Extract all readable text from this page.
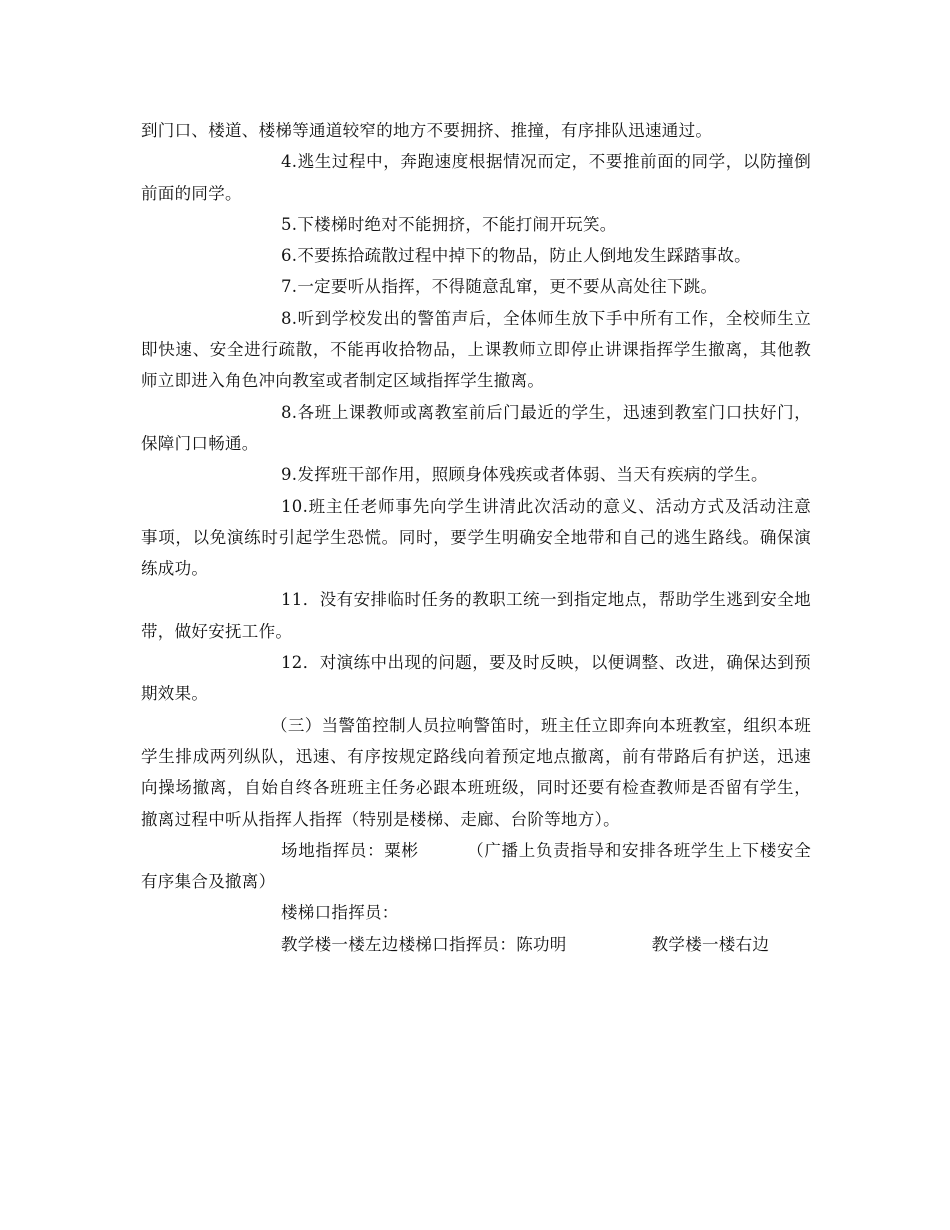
到门口、楼道、楼梯等通道较窄的地方不要拥挤、推撞，有序排队迅速通过。

4.逃生过程中，奔跑速度根据情况而定，不要推前面的同学，以防撞倒前面的同学。

5.下楼梯时绝对不能拥挤，不能打闹开玩笑。

6.不要拣拾疏散过程中掉下的物品，防止人倒地发生踩踏事故。

7.一定要听从指挥，不得随意乱窜，更不要从高处往下跳。

8.听到学校发出的警笛声后，全体师生放下手中所有工作，全校师生立即快速、安全进行疏散，不能再收拾物品，上课教师立即停止讲课指挥学生撤离，其他教师立即进入角色冲向教室或者制定区域指挥学生撤离。

8.各班上课教师或离教室前后门最近的学生，迅速到教室门口扶好门，保障门口畅通。

9.发挥班干部作用，照顾身体残疾或者体弱、当天有疾病的学生。

10.班主任老师事先向学生讲清此次活动的意义、活动方式及活动注意事项，以免演练时引起学生恐慌。同时，要学生明确安全地带和自己的逃生路线。确保演练成功。

11．没有安排临时任务的教职工统一到指定地点，帮助学生逃到安全地带，做好安抚工作。

12．对演练中出现的问题，要及时反映，以便调整、改进，确保达到预期效果。

（三）当警笛控制人员拉响警笛时，班主任立即奔向本班教室，组织本班学生排成两列纵队，迅速、有序按规定路线向着预定地点撤离，前有带路后有护送，迅速向操场撤离，自始自终各班班主任务必跟本班班级，同时还要有检查教师是否留有学生，撤离过程中听从指挥人指挥（特别是楼梯、走廊、台阶等地方）。

场地指挥员：粟彬	（广播上负责指导和安排各班学生上下楼安全有序集合及撤离）

楼梯口指挥员：

教学楼一楼左边楼梯口指挥员：陈功明	教学楼一楼右边
